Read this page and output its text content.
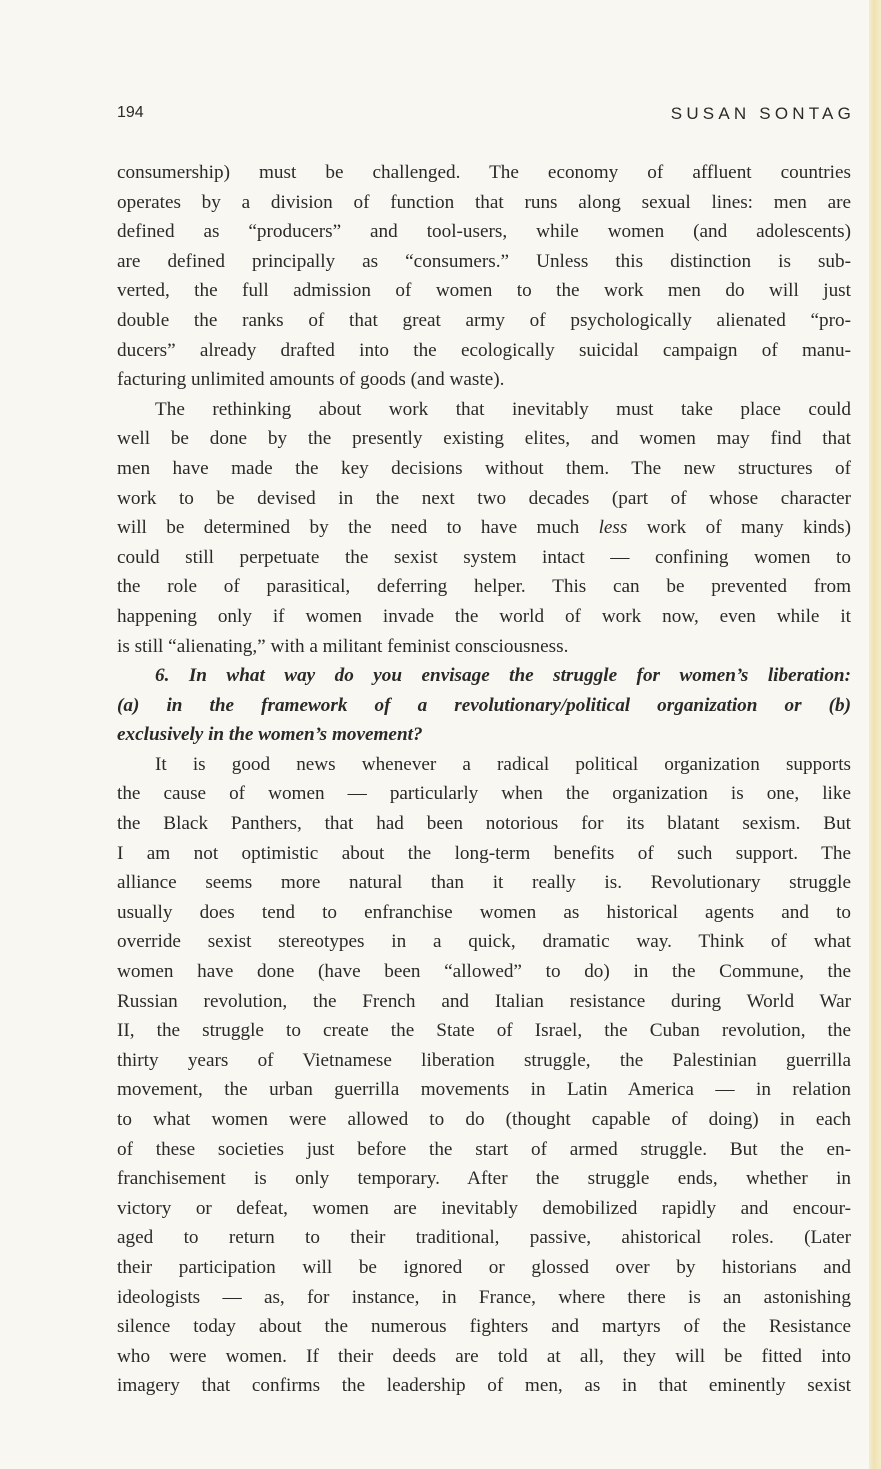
194	SUSAN SONTAG
consumership) must be challenged. The economy of affluent countries
operates by a division of function that runs along sexual lines: men are
defined as “producers” and tool-users, while women (and adolescents)
are defined principally as “consumers.” Unless this distinction is sub-
verted, the full admission of women to the work men do will just
double the ranks of that great army of psychologically alienated “pro-
ducers” already drafted into the ecologically suicidal campaign of manu-
facturing unlimited amounts of goods (and waste).
The rethinking about work that inevitably must take place could
well be done by the presently existing elites, and women may find that
men have made the key decisions without them. The new structures of
work to be devised in the next two decades (part of whose character
will be determined by the need to have much less work of many kinds)
could still perpetuate the sexist system intact — confining women to
the role of parasitical, deferring helper. This can be prevented from
happening only if women invade the world of work now, even while it
is still “alienating,” with a militant feminist consciousness.
6. In what way do you envisage the struggle for women’s liberation:
(a) in the framework of a revolutionary/political organization or (b)
exclusively in the women’s movement?
It is good news whenever a radical political organization supports
the cause of women — particularly when the organization is one, like
the Black Panthers, that had been notorious for its blatant sexism. But
I am not optimistic about the long-term benefits of such support. The
alliance seems more natural than it really is. Revolutionary struggle
usually does tend to enfranchise women as historical agents and to
override sexist stereotypes in a quick, dramatic way. Think of what
women have done (have been “allowed” to do) in the Commune, the
Russian revolution, the French and Italian resistance during World War
II, the struggle to create the State of Israel, the Cuban revolution, the
thirty years of Vietnamese liberation struggle, the Palestinian guerrilla
movement, the urban guerrilla movements in Latin America — in relation
to what women were allowed to do (thought capable of doing) in each
of these societies just before the start of armed struggle. But the en-
franchisement is only temporary. After the struggle ends, whether in
victory or defeat, women are inevitably demobilized rapidly and encour-
aged to return to their traditional, passive, ahistorical roles. (Later
their participation will be ignored or glossed over by historians and
ideologists — as, for instance, in France, where there is an astonishing
silence today about the numerous fighters and martyrs of the Resistance
who were women. If their deeds are told at all, they will be fitted into
imagery that confirms the leadership of men, as in that eminently sexist
